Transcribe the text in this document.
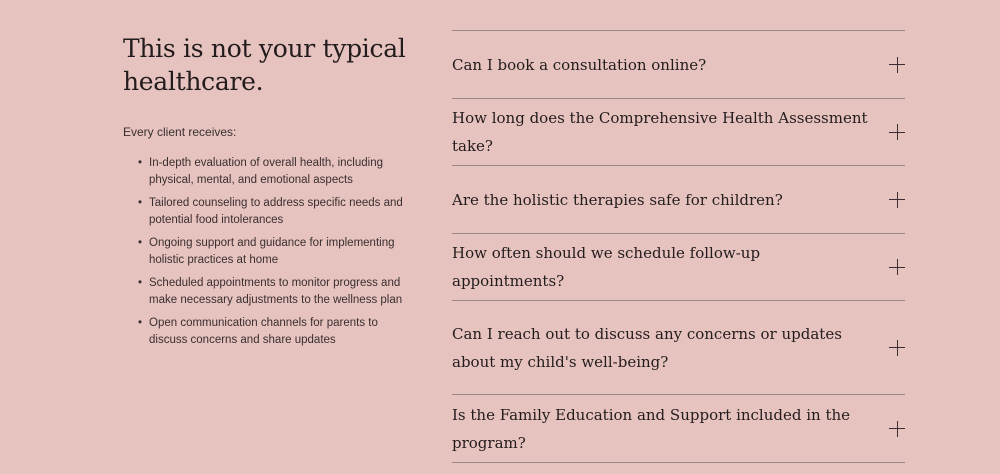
This is not your typical healthcare.

Every client receives:

• In-depth evaluation of overall health, including physical, mental, and emotional aspects
• Tailored counseling to address specific needs and potential food intolerances
• Ongoing support and guidance for implementing holistic practices at home
• Scheduled appointments to monitor progress and make necessary adjustments to the wellness plan
• Open communication channels for parents to discuss concerns and share updates
Can I book a consultation online?
How long does the Comprehensive Health Assessment take?
Are the holistic therapies safe for children?
How often should we schedule follow-up appointments?
Can I reach out to discuss any concerns or updates about my child's well-being?
Is the Family Education and Support included in the program?
